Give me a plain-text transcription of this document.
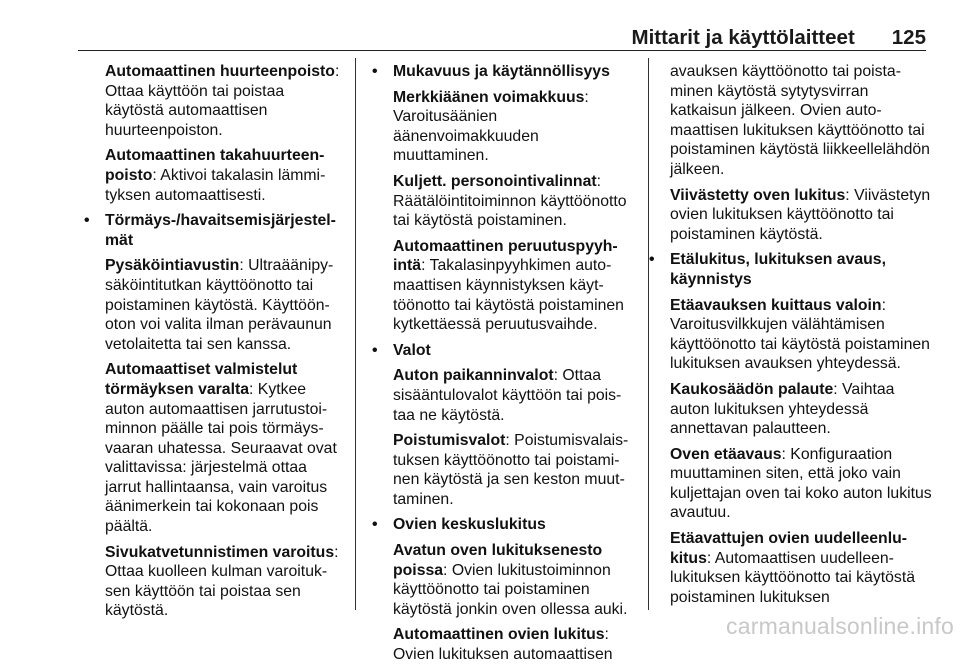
Mittarit ja käyttölaitteet 125
Automaattinen huurteenpoisto: Ottaa käyttöön tai poistaa käytöstä automaattisen huurteenpoiston.
Automaattinen takahuurteenpoisto: Aktivoi takalasin lämmityksen automaattisesti.
• Törmäys-/havaitsemisjärjestelmät
Pysäköintiavustin: Ultraäänipysäköintitutkan käyttöönotto tai poistaminen käytöstä. Käyttöönoton voi valita ilman perävaunun vetolaitetta tai sen kanssa.
Automaattiset valmistelut törmäyksen varalta: Kytkee auton automaattisen jarrutustoiminnon päälle tai pois törmäysvaaran uhatessa. Seuraavat ovat valittavissa: järjestelmä ottaa jarrut hallintaansa, vain varoitus äänimerkein tai kokonaan pois päältä.
Sivukatvetunnistimen varoitus: Ottaa kuolleen kulman varoituksen käyttöön tai poistaa sen käytöstä.
• Mukavuus ja käytännöllisyys
Merkkiäänen voimakkuus: Varoitusäänien äänenvoimakkuuden muuttaminen.
Kuljett. personointivalinnat: Räätälöintitoiminnon käyttöönotto tai käytöstä poistaminen.
Automaattinen peruutuspyyhintä: Takalasinpyyhkimen automaattisen käynnistyksen käyttöönotto tai käytöstä poistaminen kytkettäessä peruutusvaihde.
• Valot
Auton paikanninvalot: Ottaa sisääntulovalot käyttöön tai poistaa ne käytöstä.
Poistumisvalot: Poistumisvalaistuksen käyttöönotto tai poistaminen käytöstä ja sen keston muuttaminen.
• Ovien keskuslukitus
Avatun oven lukituksenesto poissa: Ovien lukitustoiminnon käyttöönotto tai poistaminen käytöstä jonkin oven ollessa auki.
Automaattinen ovien lukitus: Ovien lukituksen automaattisen
avauksen käyttöönotto tai poistaminen käytöstä sytytysvirran katkaisun jälkeen. Ovien automaattisen lukituksen käyttöönotto tai poistaminen käytöstä liikkeellelähdön jälkeen.
Viivästetty oven lukitus: Viivästetyn ovien lukituksen käyttöönotto tai poistaminen käytöstä.
• Etälukitus, lukituksen avaus, käynnistys
Etäavauksen kuittaus valoin: Varoitusvilkkujen välähtämisen käyttöönotto tai käytöstä poistaminen lukituksen avauksen yhteydessä.
Kaukosäädön palaute: Vaihtaa auton lukituksen yhteydessä annettavan palautteen.
Oven etäavaus: Konfiguraation muuttaminen siten, että joko vain kuljettajan oven tai koko auton lukitus avautuu.
Etäavattujen ovien uudelleenlukitus: Automaattisen uudelleenlukituksen käyttöönotto tai käytöstä poistaminen lukituksen
carmanualsonline.info
